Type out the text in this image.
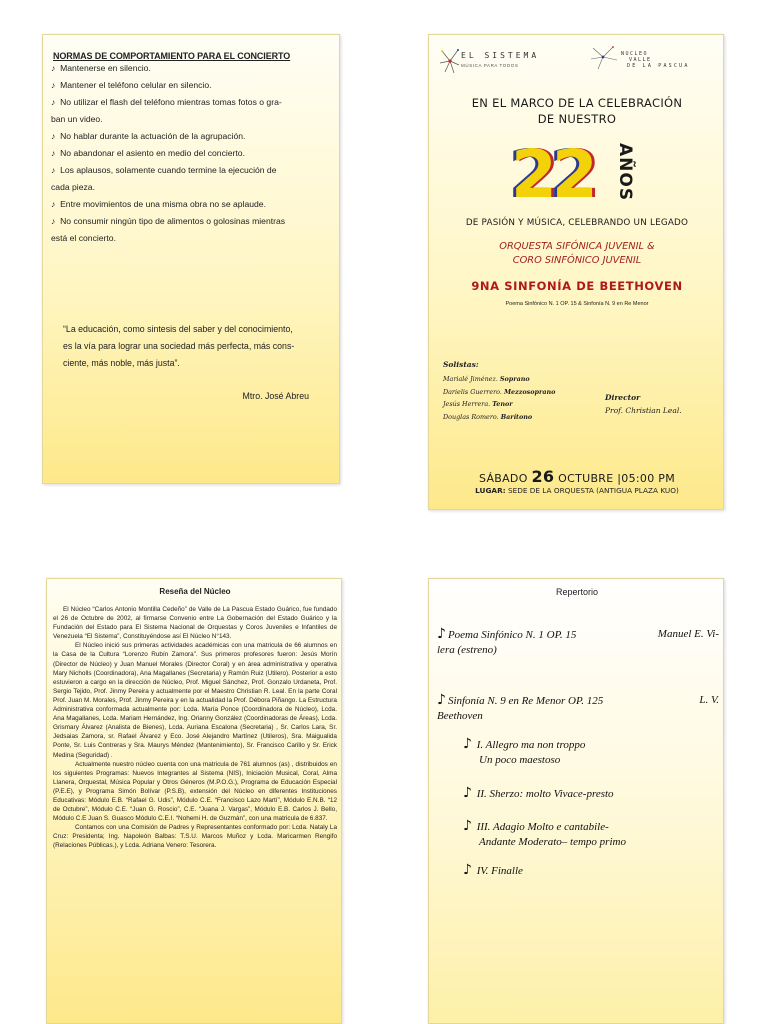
NORMAS DE COMPORTAMIENTO PARA EL CONCIERTO
♪ Mantenerse en silencio.
♪ Mantener el teléfono celular en silencio.
♪ No utilizar el flash del teléfono mientras tomas fotos o gra-
ban un video.
♪ No hablar durante la actuación de la agrupación.
♪ No abandonar el asiento en medio del concierto.
♪  Los aplausos, solamente cuando termine la ejecución de
cada pieza.
♪ Entre movimientos de una misma obra no se aplaude.
♪ No consumir ningún tipo de alimentos o golosinas mientras
está el concierto.
“La educación, como sintesis del saber y del conocimiento,
es la vía para lograr una sociedad más perfecta, más cons-
ciente, más noble, más justa”.
Mtro. José Abreu
EL SISTEMA
MÚSICA PARA TODOS
NUCLEO
VALLE
DE LA PASCUA
EN EL MARCO DE LA CELEBRACIÓN
DE NUESTRO
22 AÑOS
DE PASIÓN Y MÚSICA, CELEBRANDO UN LEGADO
ORQUESTA SIFÓNICA JUVENIL &
CORO SINFÓNICO JUVENIL
9NA SINFONÍA DE BEETHOVEN
Poema Sinfónico N. 1 OP. 15 & Sinfonía N. 9 en Re Menor
Solistas:
Marialé Jiménez. Soprano
Darielis Guerrero. Mezzosoprano
Jesús Herrera. Tenor
Douglas Romero. Barítono
Director
Prof. Christian Leal.
SÁBADO 26 OCTUBRE |05:00 PM
LUGAR: SEDE DE LA ORQUESTA (ANTIGUA PLAZA KUO)
Reseña del Núcleo

El Núcleo “Carlos Antonio Montilla Cedeño” de Valle de La Pascua Estado Guárico, fue fundado el 26 de Octubre de 2002, al firmarse Convenio entre La Gobernación del Estado Guárico y la Fundación del Estado para El Sistema Nacional de Orquestas y Coros Juveniles e Infantiles de Venezuela “El Sistema”, Constituyéndose así El Núcleo N°143.

El Núcleo inició sus primeras actividades académicas con una matricula de 66 alumnos en la Casa de la Cultura “Lorenzo Rubín Zamora”. Sus primeros profesores fueron: Jesús Morín (Director de Núcleo) y Juan Manuel Morales (Director Coral) y en área administrativa y operativa Mary Nicholls (Coordinadora), Ana Magallanes (Secretaria) y Ramón Ruiz (Utilero). Posterior a esto estuvieron a cargo en la dirección de Núcleo, Prof. Miguel Sánchez, Prof. Gonzalo Urdaneta, Prof. Sergio Tejido, Prof. Jinmy Pereira y actualmente por el Maestro Christian R. Leal. En la parte Coral Prof. Juan M. Morales, Prof. Jinmy Pereira y en la actualidad la Prof. Débora Piñango. La Estructura Administrativa conformada actualmente por: Lcda. María Ponce (Coordinadora de Núcleo), Lcda. Ana Magallanes, Lcda. Mariam Hernández, Ing. Orianny González (Coordinadoras de Áreas), Lcda. Grismary Álvarez (Analista de Bienes), Lcda. Auriana Escalona (Secretaria) , Sr. Carlos Lara, Sr. Jedsaias Zamora, sr. Rafael Álvarez y Eco. José Alejandro Martínez (Utileros), Sra. Maigualida Ponte, Sr. Luis Contreras y Sra. Maurys Méndez (Mantenimiento), Sr. Francisco Carillo y Sr. Erick Medina (Seguridad) .

Actualmente nuestro núcleo cuenta con una matricula de 761 alumnos (as) , distribuidos en los siguientes Programas: Nuevos Integrantes al Sistema (NIS), Iniciación Musical, Coral, Alma Llanera, Orquestal, Música Popular y Otros Géneros (M.P.O.G.), Programa de Educación Especial (P.E.E), y Programa Simón Bolívar (P.S.B), extensión del Núcleo en diferentes Instituciones Educativas: Módulo E.B. “Rafael G. Udis”, Módulo C.E. “Francisco Lazo Martí”, Módulo E.N.B. “12 de Octubre”, Módulo C.E. “Juan G. Roscio”, C.E. “Juana J. Vargas”, Módulo E.B. Carlos J. Bello, Módulo C.E Juan S. Guasco Módulo C.E.I. “Nohemi H. de Guzmán”, con una matricula de 6.837.

Contamos con una Comisión de Padres y Representantes conformado por: Lcda. Nataly La Cruz: Presidenta; Ing. Napoleón Balbas: T.S.U. Marcos Muñoz y Lcda. Maricarmen Rengifo (Relaciones Públicas.), y Lcda. Adriana Venero: Tesorera.

Repertorio
♪ Poema Sinfónico N. 1 OP. 15	Manuel E. Vi-
lera (estreno)
♪ Sinfonía N. 9 en Re Menor OP. 125	L. V.
Beethoven
♪ I. Allegro ma non troppo
Un poco maestoso
♪ II. Sherzo: molto Vivace-presto
♪ III. Adagio Molto e cantabile-
Andante Moderato– tempo primo
♪ IV. Finalle
